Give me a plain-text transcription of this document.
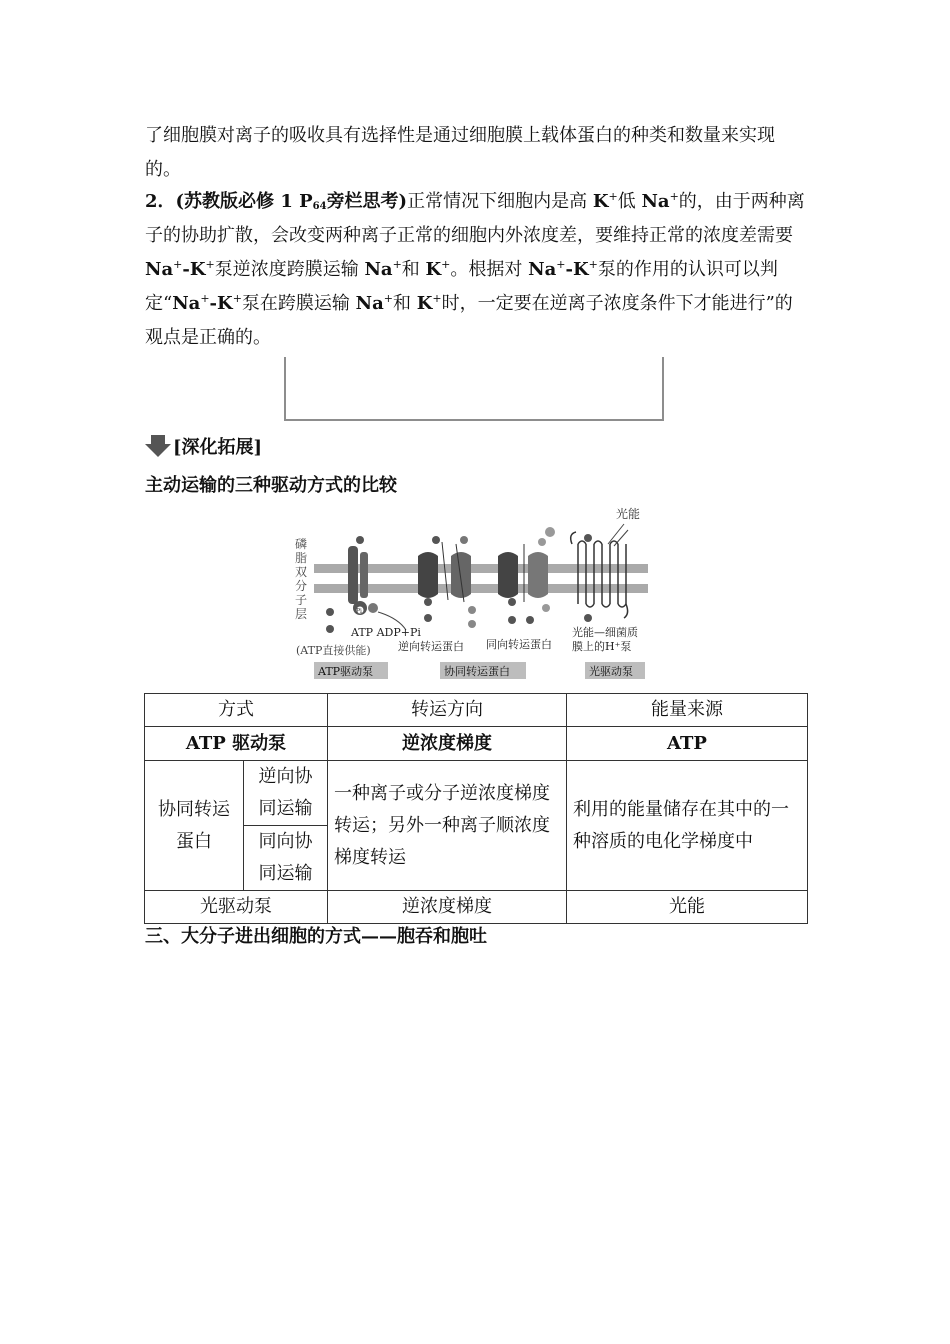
了细胞膜对离子的吸收具有选择性是通过细胞膜上载体蛋白的种类和数量来实现的。

2．(苏教版必修 1 $P_{64}$旁栏思考)正常情况下细胞内是高 K+低 Na+的，由于两种离子的协助扩散，会改变两种离子正常的细胞内外浓度差，要维持正常的浓度差需要 Na+-K+泵逆浓度跨膜运输 Na+和 K+。根据对 Na+-K+泵的作用的认识可以判定“Na+-K+泵在跨膜运输 Na+和 K+时，一定要在逆离子浓度条件下才能进行”的观点是正确的。

[深化拓展]
主动运输的三种驱动方式的比较
磷
脂
双
分
子
层	Pi
ATP ADP+Pi
(ATP直接供能) 逆向转运蛋白 同向转运蛋白
光能
光能—细菌质
膜上的H⁺泵
ATP驱动泵	协同转运蛋白	光驱动泵
方式		转运方向	能量来源
ATP 驱动泵		逆浓度梯度	ATP
协同转运蛋白	逆向协同运输	一种离子或分子逆浓度梯度转运；另外一种离子顺浓度梯度转运	利用的能量储存在其中的一种溶质的电化学梯度中
	同向协同运输		
光驱动泵		逆浓度梯度	光能
三、大分子进出细胞的方式——胞吞和胞吐
